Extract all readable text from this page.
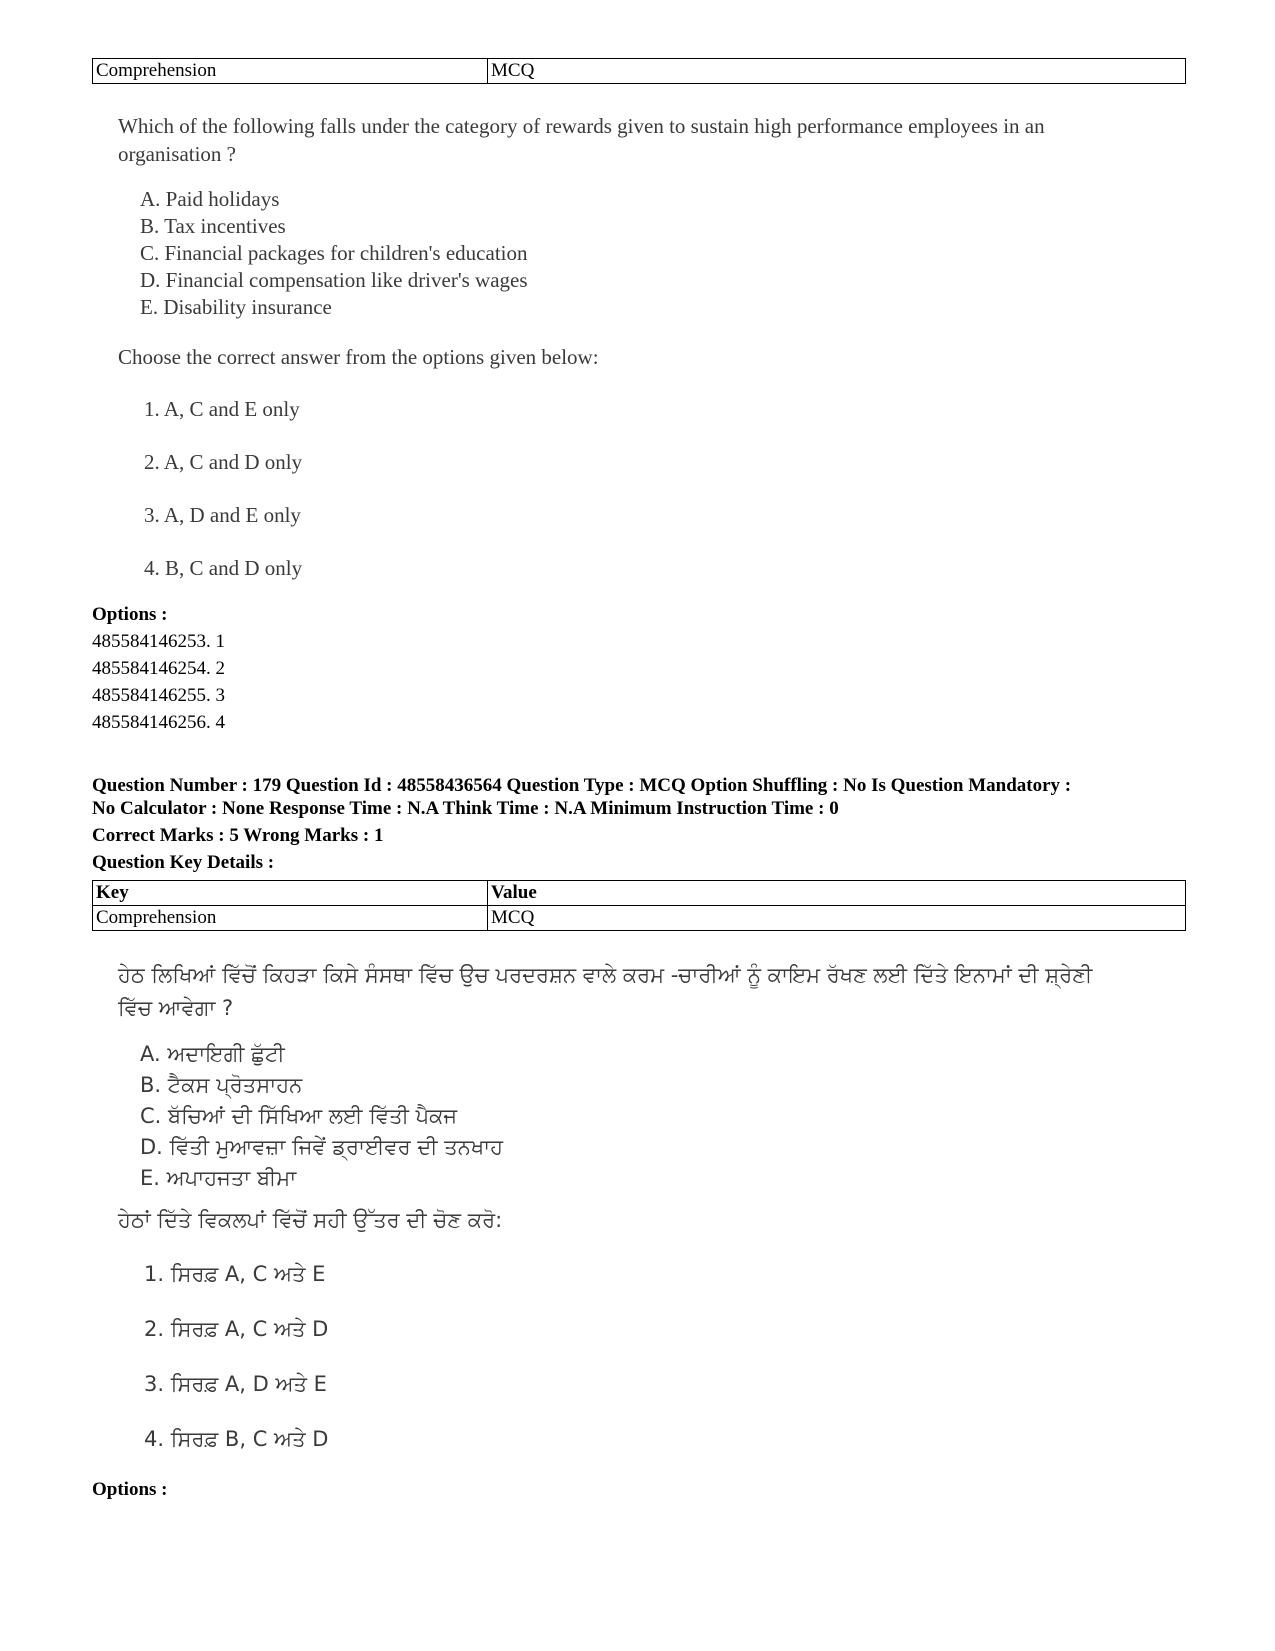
Comprehension	MCQ

Which of the following falls under the category of rewards given to sustain high performance employees in an organisation ?

A. Paid holidays
B. Tax incentives
C. Financial packages for children's education
D. Financial compensation like driver's wages
E. Disability insurance

Choose the correct answer from the options given below:

1. A, C and E only
2. A, C and D only
3. A, D and E only
4. B, C and D only
Options :
485584146253. 1
485584146254. 2
485584146255. 3
485584146256. 4
Question Number : 179 Question Id : 48558436564 Question Type : MCQ Option Shuffling : No Is Question Mandatory :
No Calculator : None Response Time : N.A Think Time : N.A Minimum Instruction Time : 0
Correct Marks : 5 Wrong Marks : 1
Question Key Details :
Key	Value
Comprehension	MCQ

ਹੇਠ ਲਿਖਿਆਂ ਵਿੱਚੋਂ ਕਿਹੜਾ ਕਿਸੇ ਸੰਸਥਾ ਵਿੱਚ ਉਚ ਪਰਦਰਸ਼ਨ ਵਾਲੇ ਕਰਮ -ਚਾਰੀਆਂ ਨੂੰ ਕਾਇਮ ਰੱਖਣ ਲਈ ਦਿੱਤੇ ਇਨਾਮਾਂ ਦੀ ਸ਼੍ਰੇਣੀ ਵਿੱਚ ਆਵੇਗਾ ?

A. ਅਦਾਇਗੀ ਛੁੱਟੀ
B. ਟੈਕਸ ਪ੍ਰੋਤਸਾਹਨ
C. ਬੱਚਿਆਂ ਦੀ ਸਿੱਖਿਆ ਲਈ ਵਿੱਤੀ ਪੈਕਜ
D. ਵਿੱਤੀ ਮੁਆਵਜ਼ਾ ਜਿਵੇਂ ਡ੍ਰਾਈਵਰ ਦੀ ਤਨਖਾਹ
E. ਅਪਾਹਜਤਾ ਬੀਮਾ

ਹੇਠਾਂ ਦਿੱਤੇ ਵਿਕਲਪਾਂ ਵਿੱਚੋਂ ਸਹੀ ਉੱਤਰ ਦੀ ਚੋਣ ਕਰੋ:

1. ਸਿਰਫ਼ A, C ਅਤੇ E
2. ਸਿਰਫ਼ A, C ਅਤੇ D
3. ਸਿਰਫ਼ A, D ਅਤੇ E
4. ਸਿਰਫ਼ B, C ਅਤੇ D
Options :
